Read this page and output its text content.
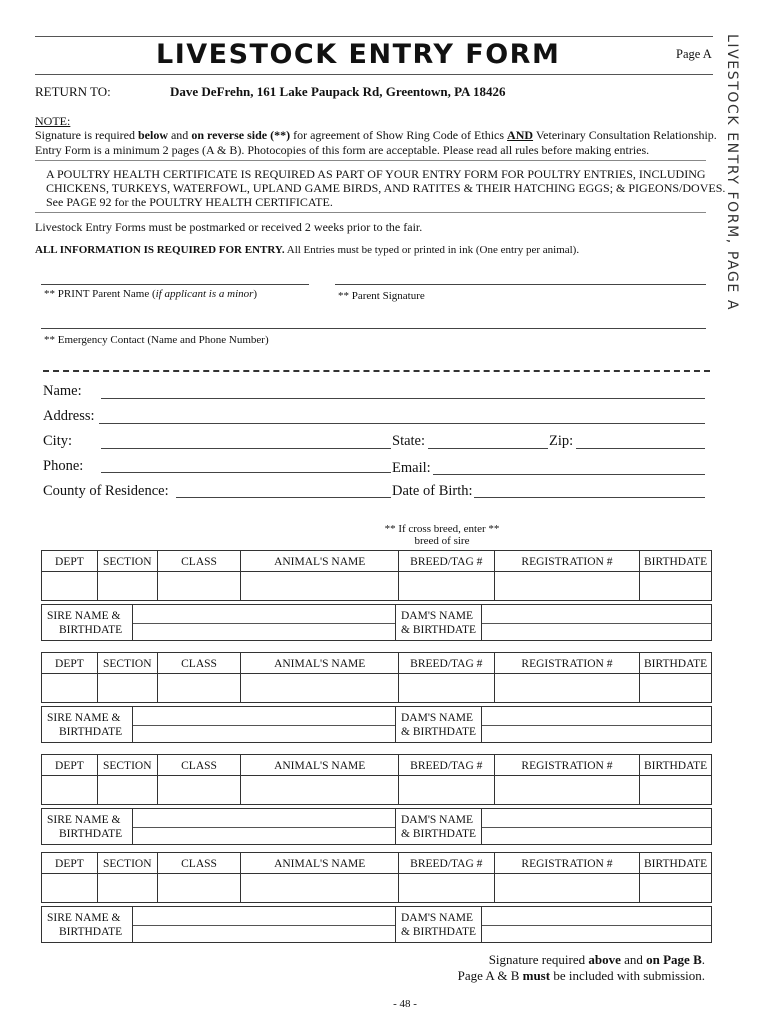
LIVESTOCK ENTRY FORM	Page A LIVESTOCK ENTRY FORM, PAGE A
RETURN TO:	Dave DeFrehn, 161 Lake Paupack Rd, Greentown, PA 18426
NOTE:
Signature is required below and on reverse side (**) for agreement of Show Ring Code of Ethics AND Veterinary Consultation Relationship.
Entry Form is a minimum 2 pages (A & B). Photocopies of this form are acceptable. Please read all rules before making entries.
A POULTRY HEALTH CERTIFICATE IS REQUIRED AS PART OF YOUR ENTRY FORM FOR POULTRY ENTRIES, INCLUDING
CHICKENS, TURKEYS, WATERFOWL, UPLAND GAME BIRDS, AND RATITES & THEIR HATCHING EGGS; & PIGEONS/DOVES.
See PAGE 92 for the POULTRY HEALTH CERTIFICATE.
Livestock Entry Forms must be postmarked or received 2 weeks prior to the fair.
ALL INFORMATION IS REQUIRED FOR ENTRY. All Entries must be typed or printed in ink (One entry per animal).
** PRINT Parent Name (if applicant is a minor)	** Parent Signature
** Emergency Contact (Name and Phone Number)
Name:
Address:
City:	State:	Zip:
Phone:	Email:
County of Residence:	Date of Birth:
** If cross breed, enter **
breed of sire
DEPT	SECTION	CLASS	ANIMAL'S NAME	BREED/TAG #	REGISTRATION #	BIRTHDATE
SIRE NAME &
BIRTHDATE
DAM'S NAME
& BIRTHDATE
DEPT	SECTION	CLASS	ANIMAL'S NAME	BREED/TAG #	REGISTRATION #	BIRTHDATE
SIRE NAME &
BIRTHDATE
DAM'S NAME
& BIRTHDATE
DEPT	SECTION	CLASS	ANIMAL'S NAME	BREED/TAG #	REGISTRATION #	BIRTHDATE
SIRE NAME &
BIRTHDATE
DAM'S NAME
& BIRTHDATE
DEPT	SECTION	CLASS	ANIMAL'S NAME	BREED/TAG #	REGISTRATION #	BIRTHDATE
SIRE NAME &
BIRTHDATE
DAM'S NAME
& BIRTHDATE
Signature required above and on Page B.
Page A & B must be included with submission.
- 48 -
